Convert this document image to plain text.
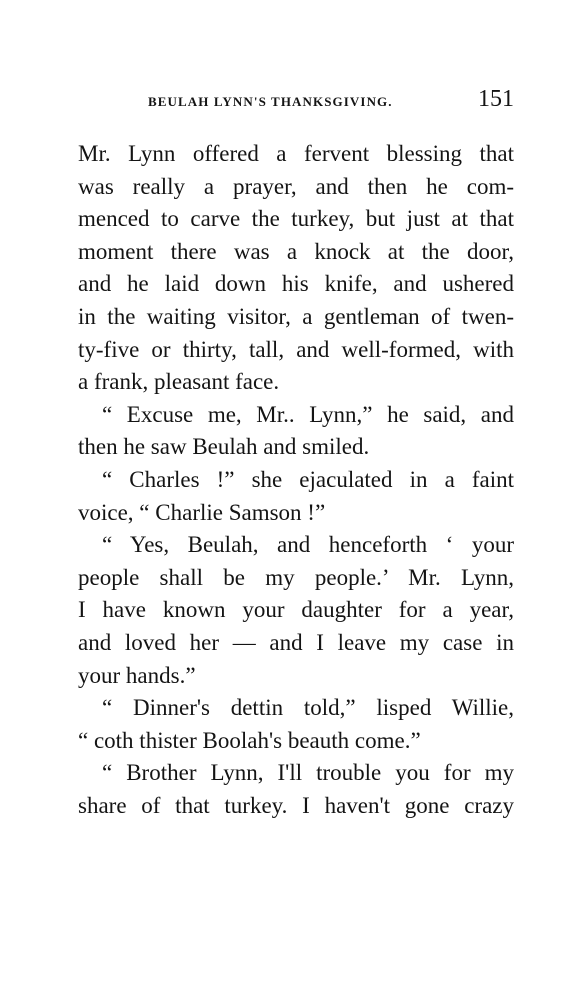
BEULAH LYNN'S THANKSGIVING.	151
Mr. Lynn offered a fervent blessing that
was really a prayer, and then he com-
menced to carve the turkey, but just at that
moment there was a knock at the door,
and he laid down his knife, and ushered
in the waiting visitor, a gentleman of twen-
ty-five or thirty, tall, and well-formed, with
a frank, pleasant face.
“ Excuse me, Mr.. Lynn,” he said, and
then he saw Beulah and smiled.
“ Charles !” she ejaculated in a faint
voice, “ Charlie Samson !”
“ Yes, Beulah, and henceforth ‘ your
people shall be my people.’ Mr. Lynn,
I have known your daughter for a year,
and loved her — and I leave my case in
your hands.”
“ Dinner's dettin told,” lisped Willie,
“ coth thister Boolah's beauth come.”
“ Brother Lynn, I'll trouble you for my
share of that turkey. I haven't gone crazy
